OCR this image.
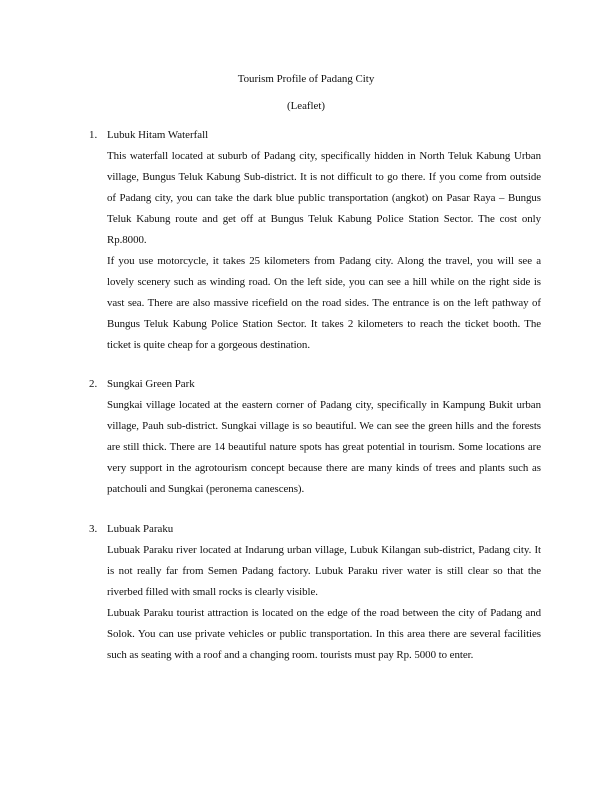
Tourism Profile of Padang City
(Leaflet)

1. Lubuk Hitam Waterfall

This waterfall located at suburb of Padang city, specifically hidden in North Teluk Kabung Urban village, Bungus Teluk Kabung Sub-district. It is not difficult to go there. If you come from outside of Padang city, you can take the dark blue public transportation (angkot) on Pasar Raya – Bungus Teluk Kabung route and get off at Bungus Teluk Kabung Police Station Sector. The cost only Rp.8000.

If you use motorcycle, it takes 25 kilometers from Padang city. Along the travel, you will see a lovely scenery such as winding road. On the left side, you can see a hill while on the right side is vast sea. There are also massive ricefield on the road sides. The entrance is on the left pathway of Bungus Teluk Kabung Police Station Sector. It takes 2 kilometers to reach the ticket booth. The ticket is quite cheap for a gorgeous destination.

2. Sungkai Green Park

Sungkai village located at the eastern corner of Padang city, specifically in Kampung Bukit urban village, Pauh sub-district. Sungkai village is so beautiful. We can see the green hills and the forests are still thick. There are 14 beautiful nature spots has great potential in tourism. Some locations are very support in the agrotourism concept because there are many kinds of trees and plants such as patchouli and Sungkai (peronema canescens).

3. Lubuak Paraku

Lubuak Paraku river located at Indarung urban village, Lubuk Kilangan sub-district, Padang city. It is not really far from Semen Padang factory. Lubuk Paraku river water is still clear so that the riverbed filled with small rocks is clearly visible.

Lubuak Paraku tourist attraction is located on the edge of the road between the city of Padang and Solok. You can use private vehicles or public transportation. In this area there are several facilities such as seating with a roof and a changing room. tourists must pay Rp. 5000 to enter.
